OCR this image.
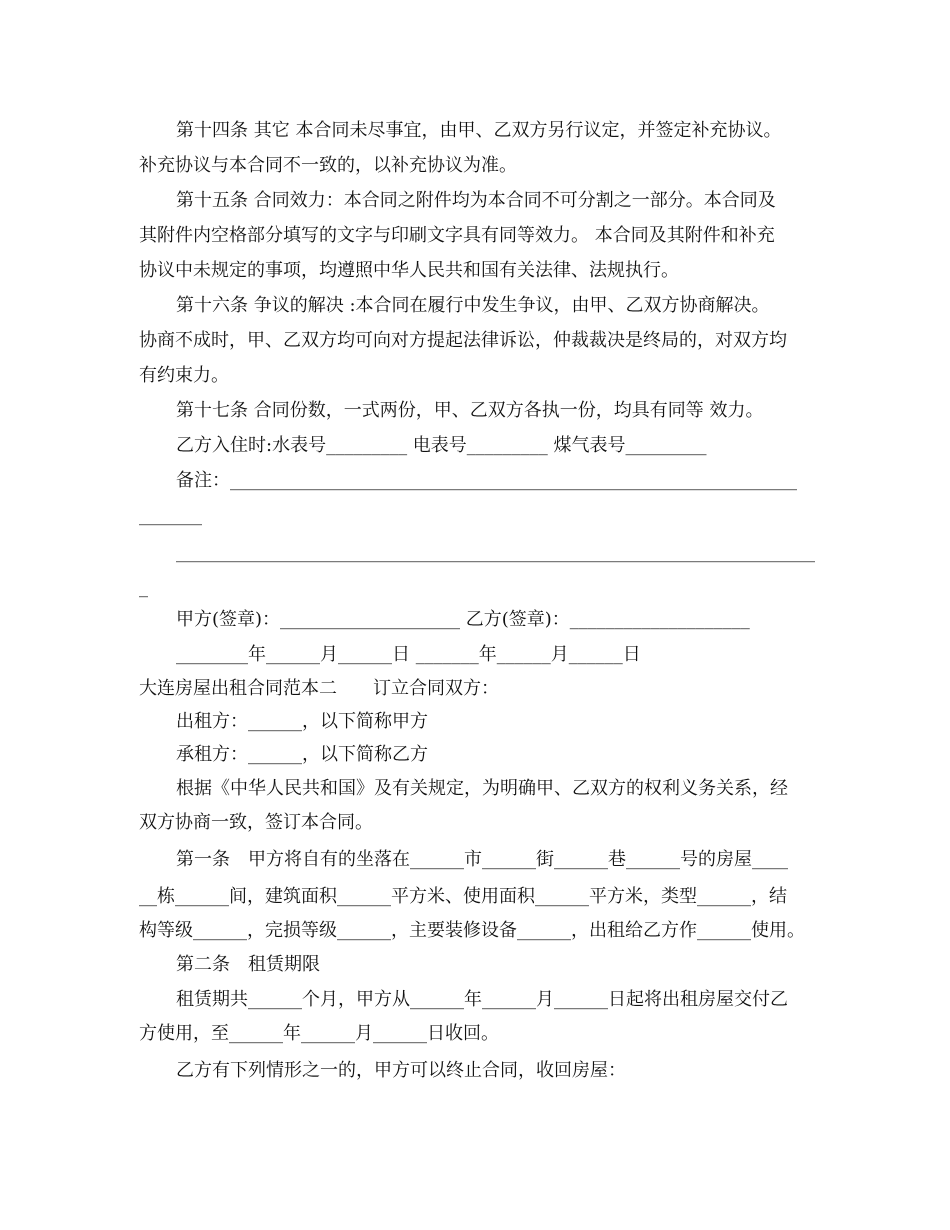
第十四条 其它 本合同未尽事宜，由甲、乙双方另行议定，并签定补充协议。
补充协议与本合同不一致的，以补充协议为准。
第十五条 合同效力：本合同之附件均为本合同不可分割之一部分。本合同及
其附件内空格部分填写的文字与印刷文字具有同等效力。 本合同及其附件和补充
协议中未规定的事项，均遵照中华人民共和国有关法律、法规执行。
第十六条 争议的解决 :本合同在履行中发生争议，由甲、乙双方协商解决。
协商不成时，甲、乙双方均可向对方提起法律诉讼，仲裁裁决是终局的，对双方均
有约束力。
第十七条 合同份数，一式两份，甲、乙双方各执一份，均具有同等 效力。
乙方入住时:水表号_________ 电表号_________ 煤气表号_________
备注：_______________________________________________________________
_______
_______________________________________________________________________
_
甲方(签章)：____________________ 乙方(签章)：____________________
________年______月______日 _______年______月______日
大连房屋出租合同范本二　　订立合同双方：
出租方：______，以下简称甲方
承租方：______，以下简称乙方
根据《中华人民共和国》及有关规定，为明确甲、乙双方的权利义务关系，经
双方协商一致，签订本合同。
第一条　甲方将自有的坐落在______市______街______巷______号的房屋____
__栋______间，建筑面积______平方米、使用面积______平方米，类型______，结
构等级______，完损等级______，主要装修设备______，出租给乙方作______使用。
第二条　租赁期限
租赁期共______个月，甲方从______年______月______日起将出租房屋交付乙
方使用，至______年______月______日收回。
乙方有下列情形之一的，甲方可以终止合同，收回房屋：
